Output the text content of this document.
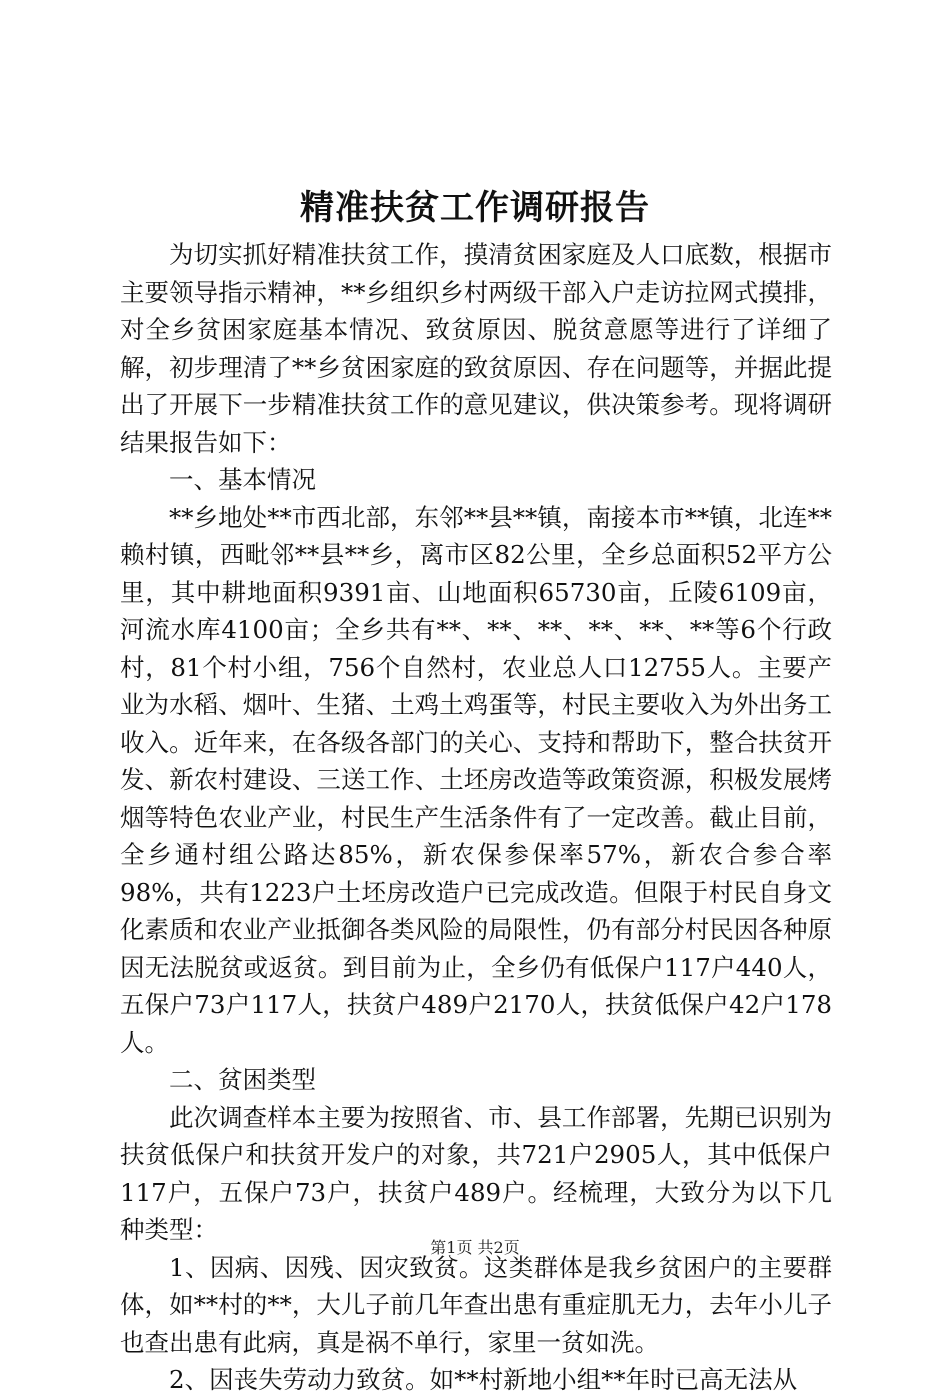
精准扶贫工作调研报告

为切实抓好精准扶贫工作，摸清贫困家庭及人口底数，根据市主要领导指示精神，**乡组织乡村两级干部入户走访拉网式摸排，对全乡贫困家庭基本情况、致贫原因、脱贫意愿等进行了详细了解，初步理清了**乡贫困家庭的致贫原因、存在问题等，并据此提出了开展下一步精准扶贫工作的意见建议，供决策参考。现将调研结果报告如下：

一、基本情况

**乡地处**市西北部，东邻**县**镇，南接本市**镇，北连**赖村镇，西毗邻**县**乡，离市区82公里，全乡总面积52平方公里，其中耕地面积9391亩、山地面积65730亩，丘陵6109亩，河流水库4100亩；全乡共有**、**、**、**、**、**等6个行政村，81个村小组，756个自然村，农业总人口12755人。主要产业为水稻、烟叶、生猪、土鸡土鸡蛋等，村民主要收入为外出务工收入。近年来，在各级各部门的关心、支持和帮助下，整合扶贫开发、新农村建设、三送工作、土坯房改造等政策资源，积极发展烤烟等特色农业产业，村民生产生活条件有了一定改善。截止目前，全乡通村组公路达85%，新农保参保率57%，新农合参合率98%，共有1223户土坯房改造户已完成改造。但限于村民自身文化素质和农业产业抵御各类风险的局限性，仍有部分村民因各种原因无法脱贫或返贫。到目前为止，全乡仍有低保户117户440人，五保户73户117人，扶贫户489户2170人，扶贫低保户42户178人。

二、贫困类型

此次调查样本主要为按照省、市、县工作部署，先期已识别为扶贫低保户和扶贫开发户的对象，共721户2905人，其中低保户117户，五保户73户，扶贫户489户。经梳理，大致分为以下几种类型：

1、因病、因残、因灾致贫。这类群体是我乡贫困户的主要群体，如**村的**，大儿子前几年查出患有重症肌无力，去年小儿子也查出患有此病，真是祸不单行，家里一贫如洗。

2、因丧失劳动力致贫。如**村新地小组**年时已高无法从

第1页 共2页
